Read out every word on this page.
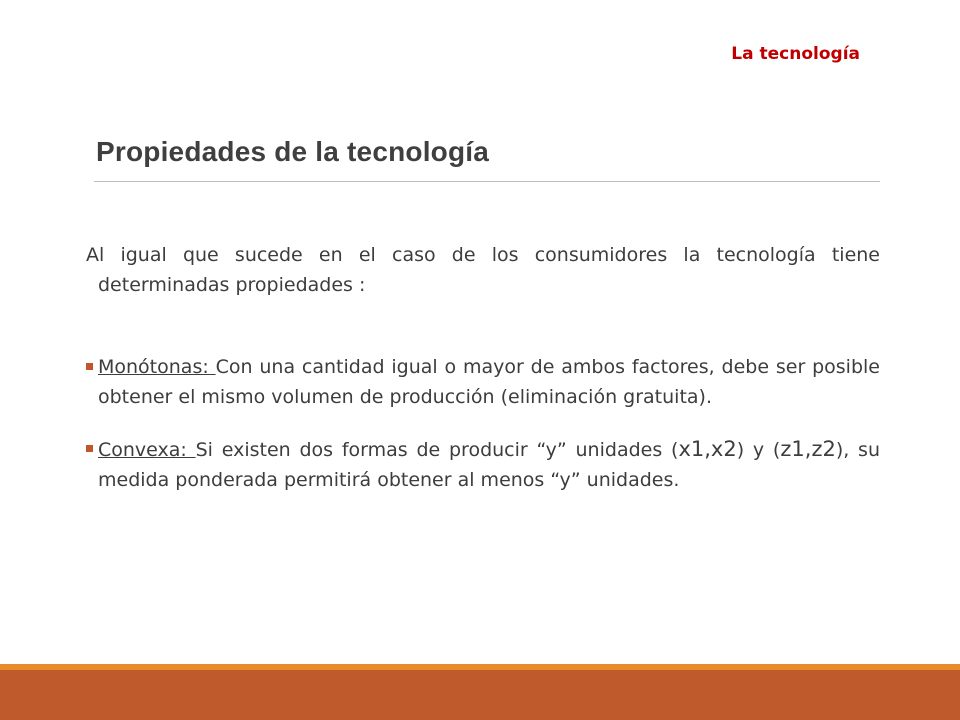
La tecnología
Propiedades de la tecnología

Al igual que sucede en el caso de los consumidores la tecnología tiene determinadas propiedades :

Monótonas: Con una cantidad igual o mayor de ambos factores, debe ser posible obtener el mismo volumen de producción (eliminación gratuita).
Convexa: Si existen dos formas de producir “y” unidades (x1,x2) y (z1,z2), su medida ponderada permitirá obtener al menos “y” unidades.
